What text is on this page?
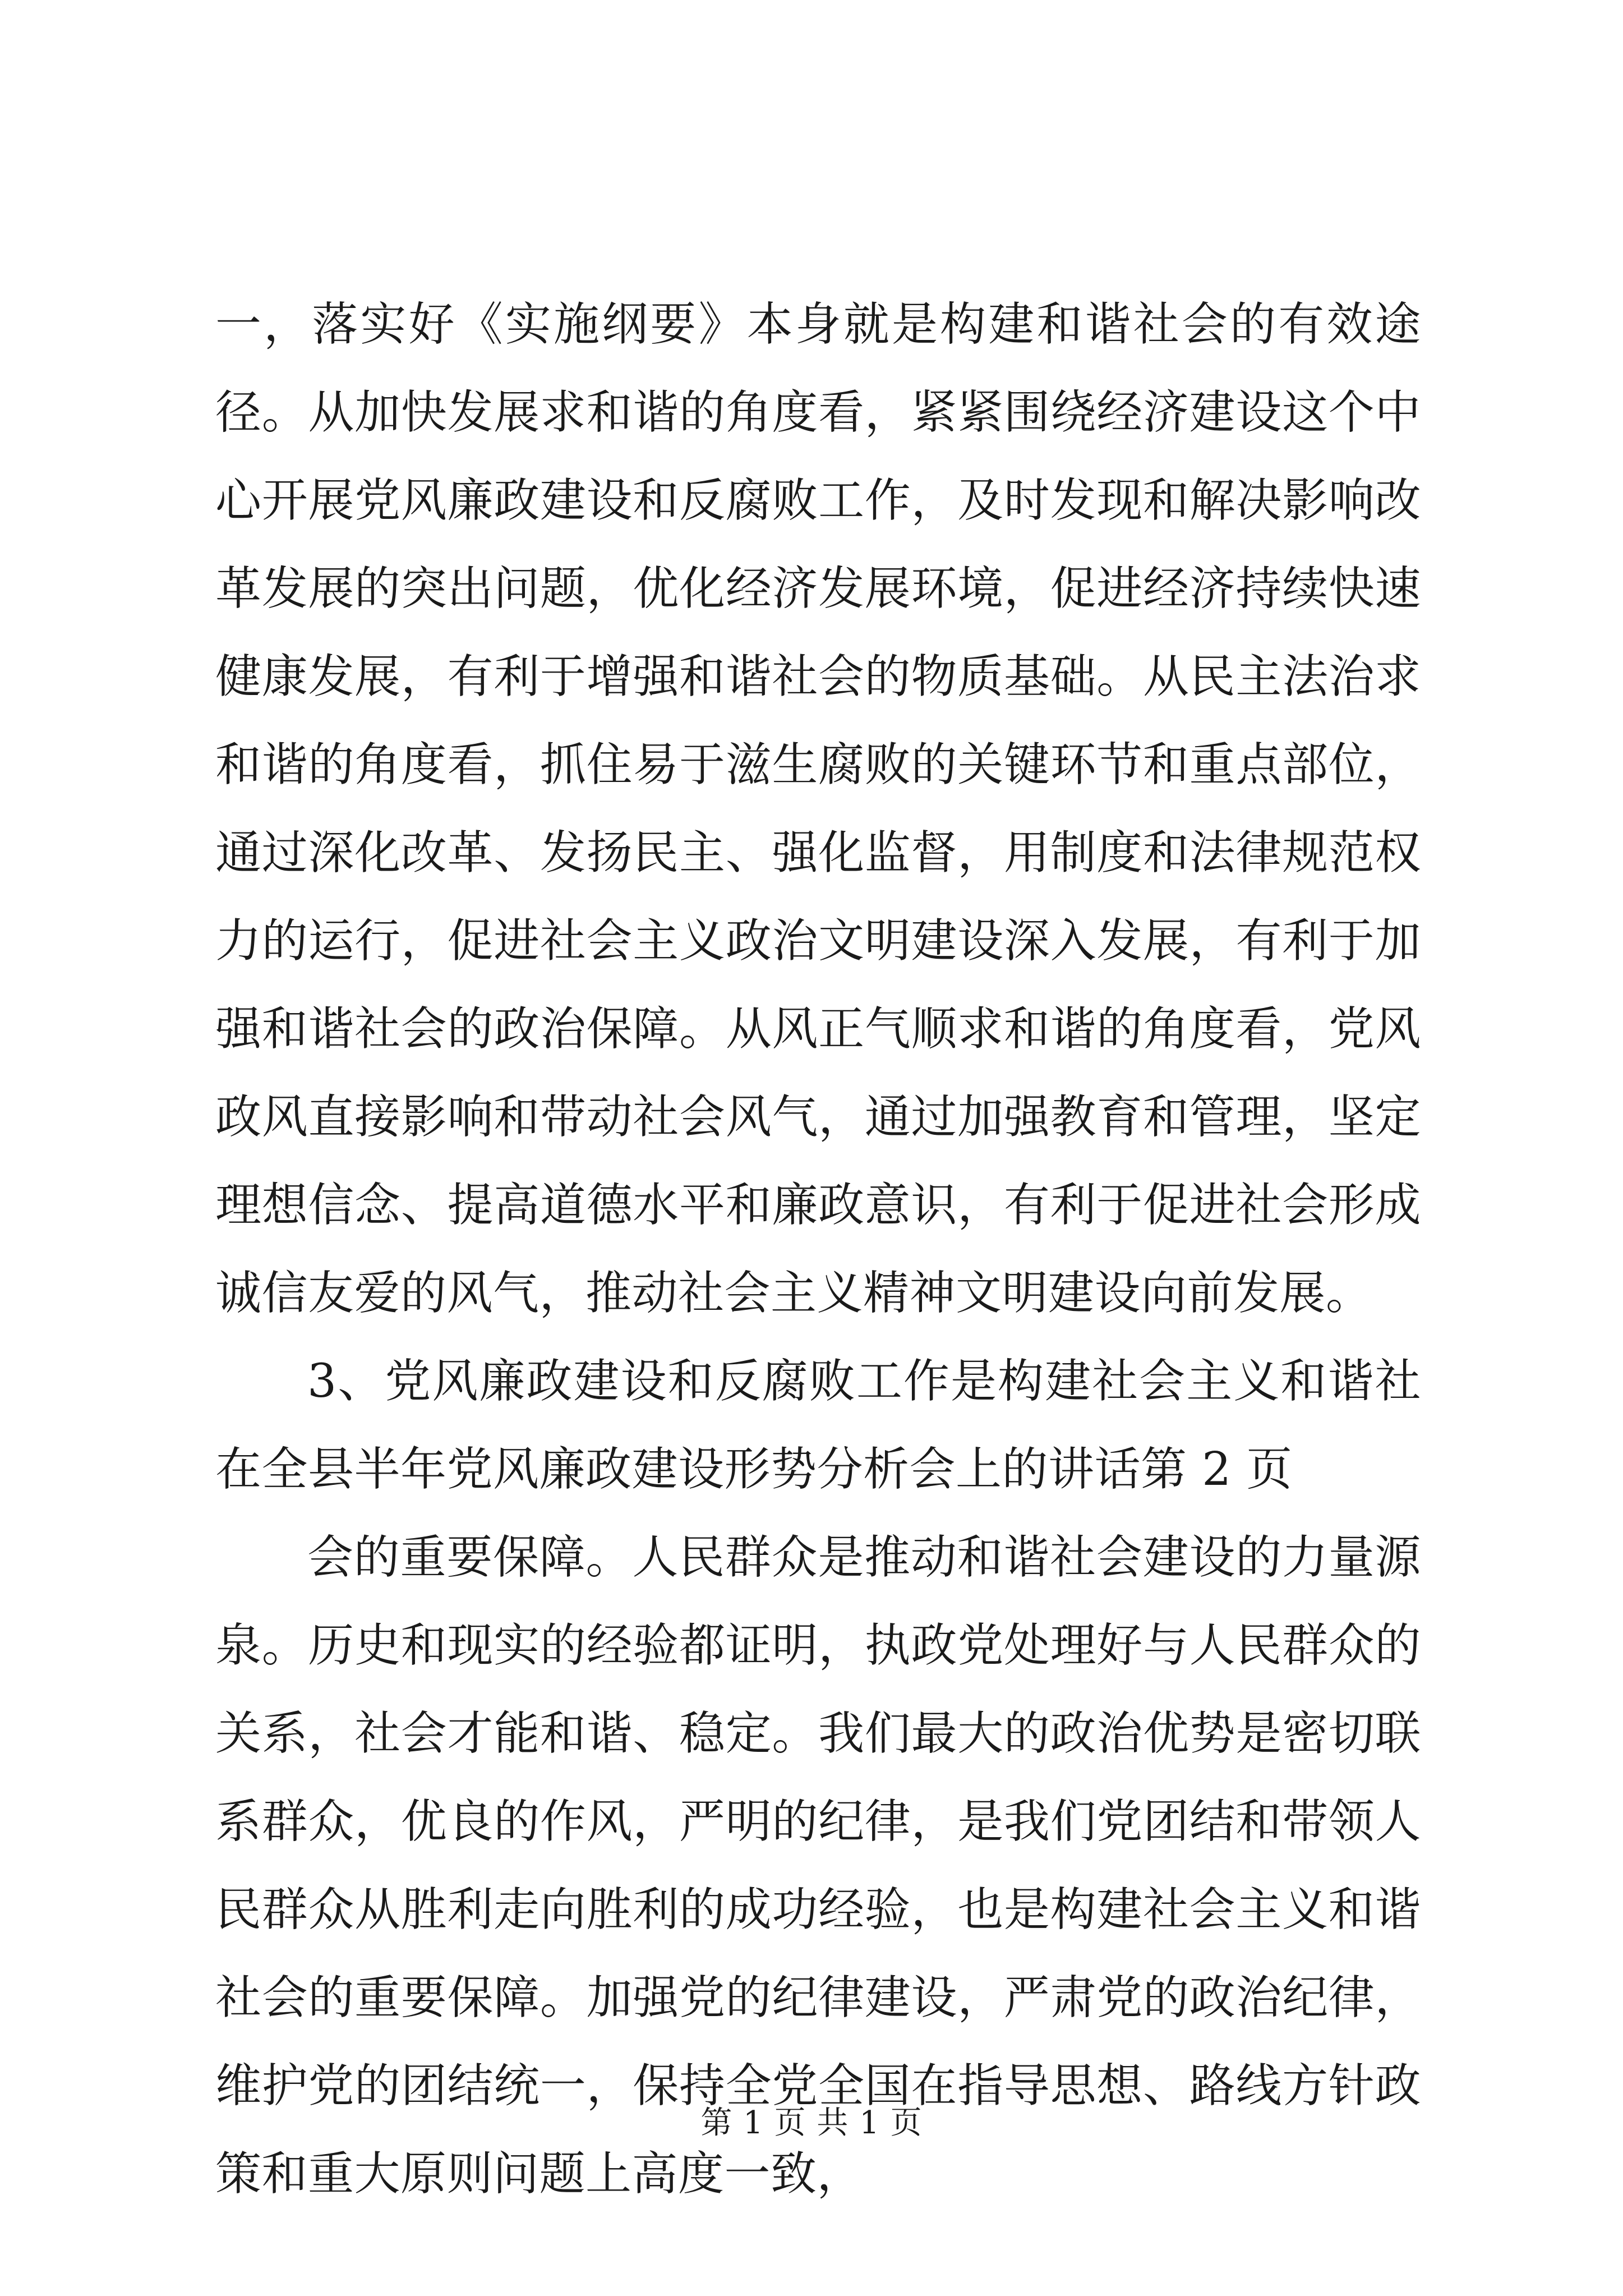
一，落实好《实施纲要》本身就是构建和谐社会的有效途径。从加快发展求和谐的角度看，紧紧围绕经济建设这个中心开展党风廉政建设和反腐败工作，及时发现和解决影响改革发展的突出问题，优化经济发展环境，促进经济持续快速健康发展，有利于增强和谐社会的物质基础。从民主法治求和谐的角度看，抓住易于滋生腐败的关键环节和重点部位，通过深化改革、发扬民主、强化监督，用制度和法律规范权力的运行，促进社会主义政治文明建设深入发展，有利于加强和谐社会的政治保障。从风正气顺求和谐的角度看，党风政风直接影响和带动社会风气，通过加强教育和管理，坚定理想信念、提高道德水平和廉政意识，有利于促进社会形成诚信友爱的风气，推动社会主义精神文明建设向前发展。

3、党风廉政建设和反腐败工作是构建社会主义和谐社在全县半年党风廉政建设形势分析会上的讲话第 2 页

会的重要保障。人民群众是推动和谐社会建设的力量源泉。历史和现实的经验都证明，执政党处理好与人民群众的关系，社会才能和谐、稳定。我们最大的政治优势是密切联系群众，优良的作风，严明的纪律，是我们党团结和带领人民群众从胜利走向胜利的成功经验，也是构建社会主义和谐社会的重要保障。加强党的纪律建设，严肃党的政治纪律，维护党的团结统一，保持全党全国在指导思想、路线方针政策和重大原则问题上高度一致，

第 1 页 共 1 页
